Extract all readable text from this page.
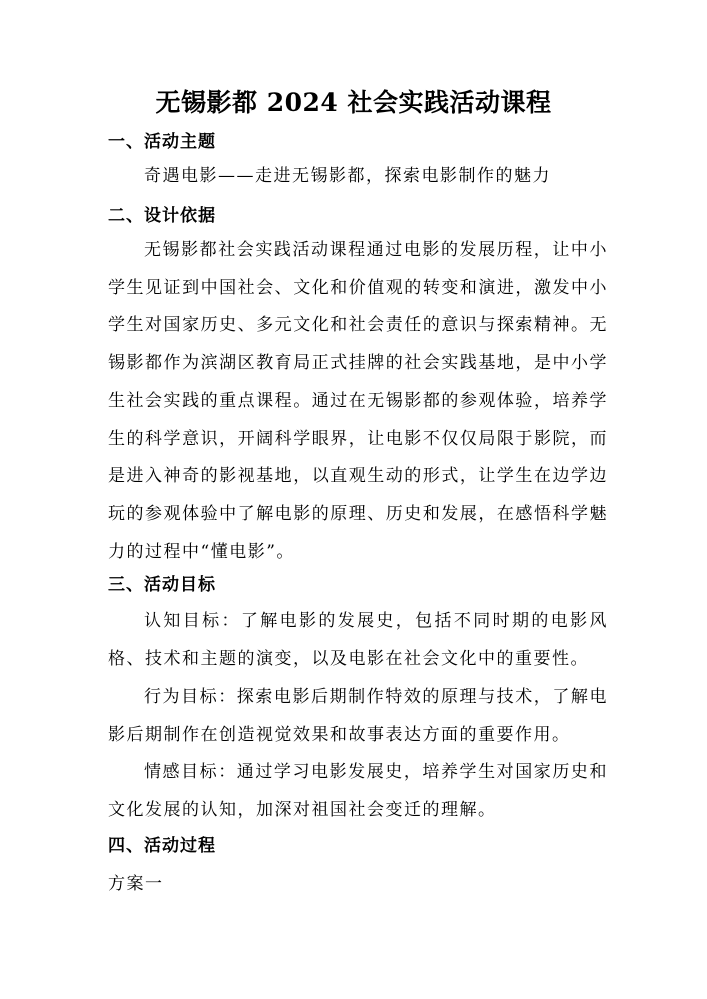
无锡影都 2024 社会实践活动课程
一、活动主题

奇遇电影——走进无锡影都，探索电影制作的魅力

二、设计依据

无锡影都社会实践活动课程通过电影的发展历程，让中小学生见证到中国社会、文化和价值观的转变和演进，激发中小学生对国家历史、多元文化和社会责任的意识与探索精神。无锡影都作为滨湖区教育局正式挂牌的社会实践基地，是中小学生社会实践的重点课程。通过在无锡影都的参观体验，培养学生的科学意识，开阔科学眼界，让电影不仅仅局限于影院，而是进入神奇的影视基地，以直观生动的形式，让学生在边学边玩的参观体验中了解电影的原理、历史和发展，在感悟科学魅力的过程中“懂电影”。

三、活动目标

认知目标：了解电影的发展史，包括不同时期的电影风格、技术和主题的演变，以及电影在社会文化中的重要性。

行为目标：探索电影后期制作特效的原理与技术，了解电影后期制作在创造视觉效果和故事表达方面的重要作用。

情感目标：通过学习电影发展史，培养学生对国家历史和文化发展的认知，加深对祖国社会变迁的理解。

四、活动过程
方案一
